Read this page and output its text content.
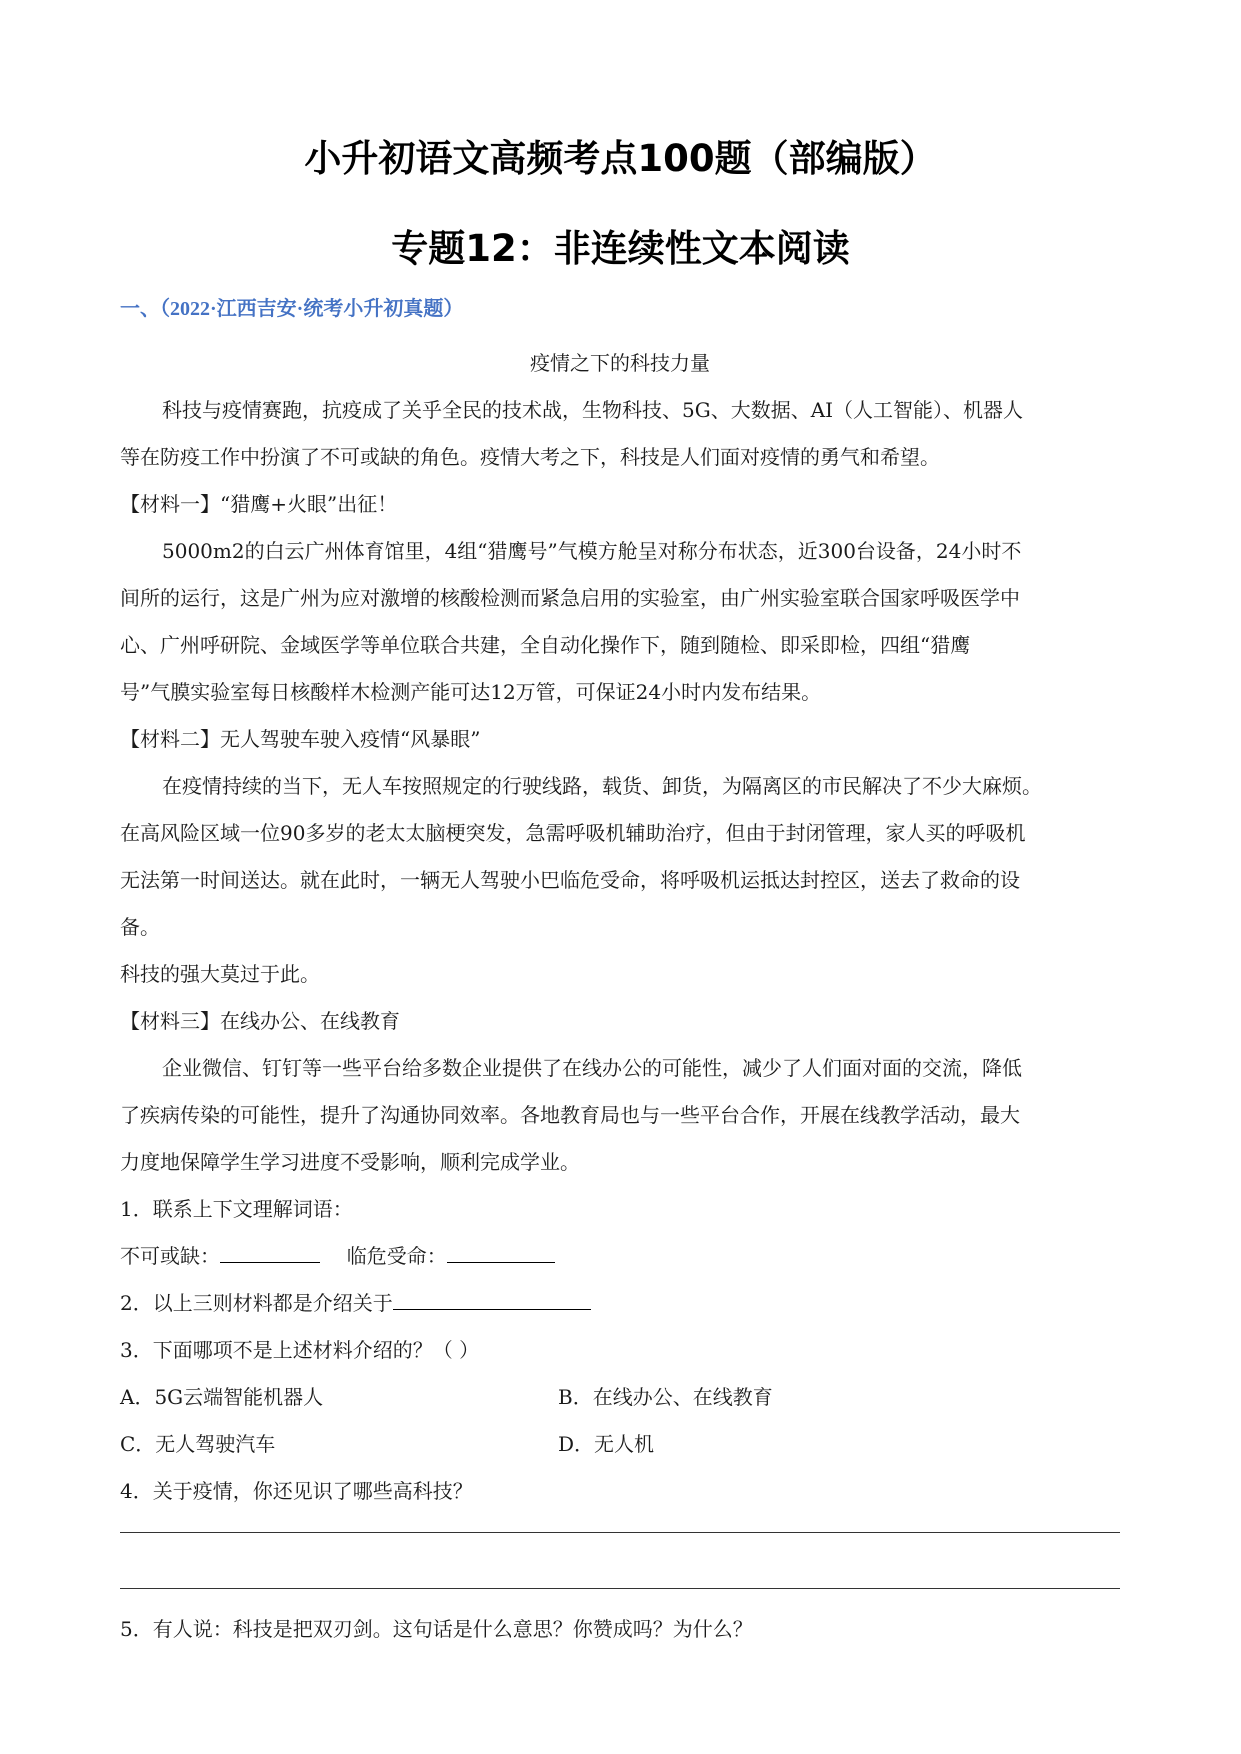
小升初语文高频考点100题（部编版）
专题12：非连续性文本阅读
一、（2022·江西吉安·统考小升初真题）
疫情之下的科技力量
科技与疫情赛跑，抗疫成了关乎全民的技术战，生物科技、5G、大数据、AI（人工智能）、机器人
等在防疫工作中扮演了不可或缺的角色。疫情大考之下，科技是人们面对疫情的勇气和希望。
【材料一】“猎鹰+火眼”出征！
5000m2的白云广州体育馆里，4组“猎鹰号”气模方舱呈对称分布状态，近300台设备，24小时不
间所的运行，这是广州为应对激增的核酸检测而紧急启用的实验室，由广州实验室联合国家呼吸医学中
心、广州呼研院、金域医学等单位联合共建，全自动化操作下，随到随检、即采即检，四组“猎鹰
号”气膜实验室每日核酸样木检测产能可达12万管，可保证24小时内发布结果。
【材料二】无人驾驶车驶入疫情“风暴眼”
在疫情持续的当下，无人车按照规定的行驶线路，载货、卸货，为隔离区的市民解决了不少大麻烦。
在高风险区域一位90多岁的老太太脑梗突发，急需呼吸机辅助治疗，但由于封闭管理，家人买的呼吸机
无法第一时间送达。就在此时，一辆无人驾驶小巴临危受命，将呼吸机运抵达封控区，送去了救命的设
备。
科技的强大莫过于此。
【材料三】在线办公、在线教育
企业微信、钉钉等一些平台给多数企业提供了在线办公的可能性，减少了人们面对面的交流，降低
了疾病传染的可能性，提升了沟通协同效率。各地教育局也与一些平台合作，开展在线教学活动，最大
力度地保障学生学习进度不受影响，顺利完成学业。
1．联系上下文理解词语：
不可或缺：	临危受命：
2．以上三则材料都是介绍关于
3．下面哪项不是上述材料介绍的？（ ）
A．5G云端智能机器人	B．在线办公、在线教育
C．无人驾驶汽车	D．无人机
4．关于疫情，你还见识了哪些高科技？
5．有人说：科技是把双刃剑。这句话是什么意思？你赞成吗？为什么？
